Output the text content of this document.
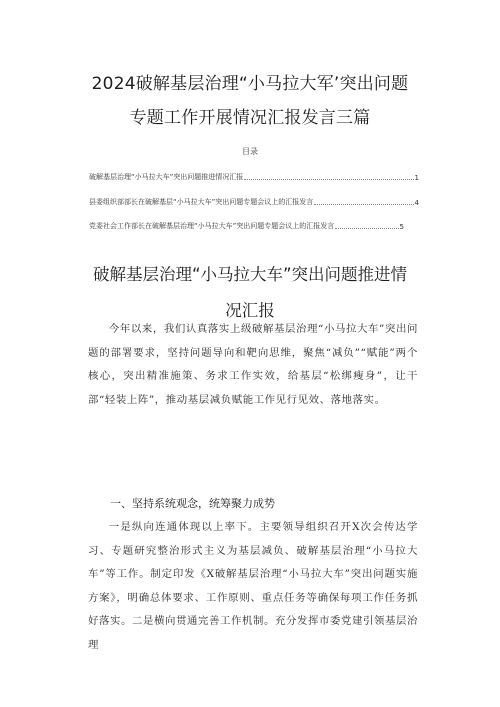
2024破解基层治理“小马拉大军’突出问题
专题工作开展情况汇报发言三篇
目录
破解基层治理“小马拉大车”突出问题推进情况汇报	1
县委组织部部长在破解基层“小马拉大车”突出问题专题会议上的汇报发言	4
党委社会工作部长在破解基层治理“小马拉大车”突出问题专题会议上的汇报发言	5
破解基层治理“小马拉大车”突出问题推进情
况汇报

今年以来，我们认真落实上级破解基层治理“小马拉大车”突出问题的部署要求，坚持问题导向和靶向思维，聚焦“减负”“赋能”两个核心，突出精准施策、务求工作实效，给基层“松绑瘦身”，让干部“轻装上阵”，推动基层减负赋能工作见行见效、落地落实。

一、坚持系统观念，统筹聚力成势

一是纵向连通体现以上率下。主要领导组织召开X次会传达学习、专题研究整治形式主义为基层减负、破解基层治理“小马拉大车”等工作。制定印发《X破解基层治理“小马拉大车”突出问题实施方案》，明确总体要求、工作原则、重点任务等确保每项工作任务抓好落实。二是横向贯通完善工作机制。充分发挥市委党建引领基层治理
